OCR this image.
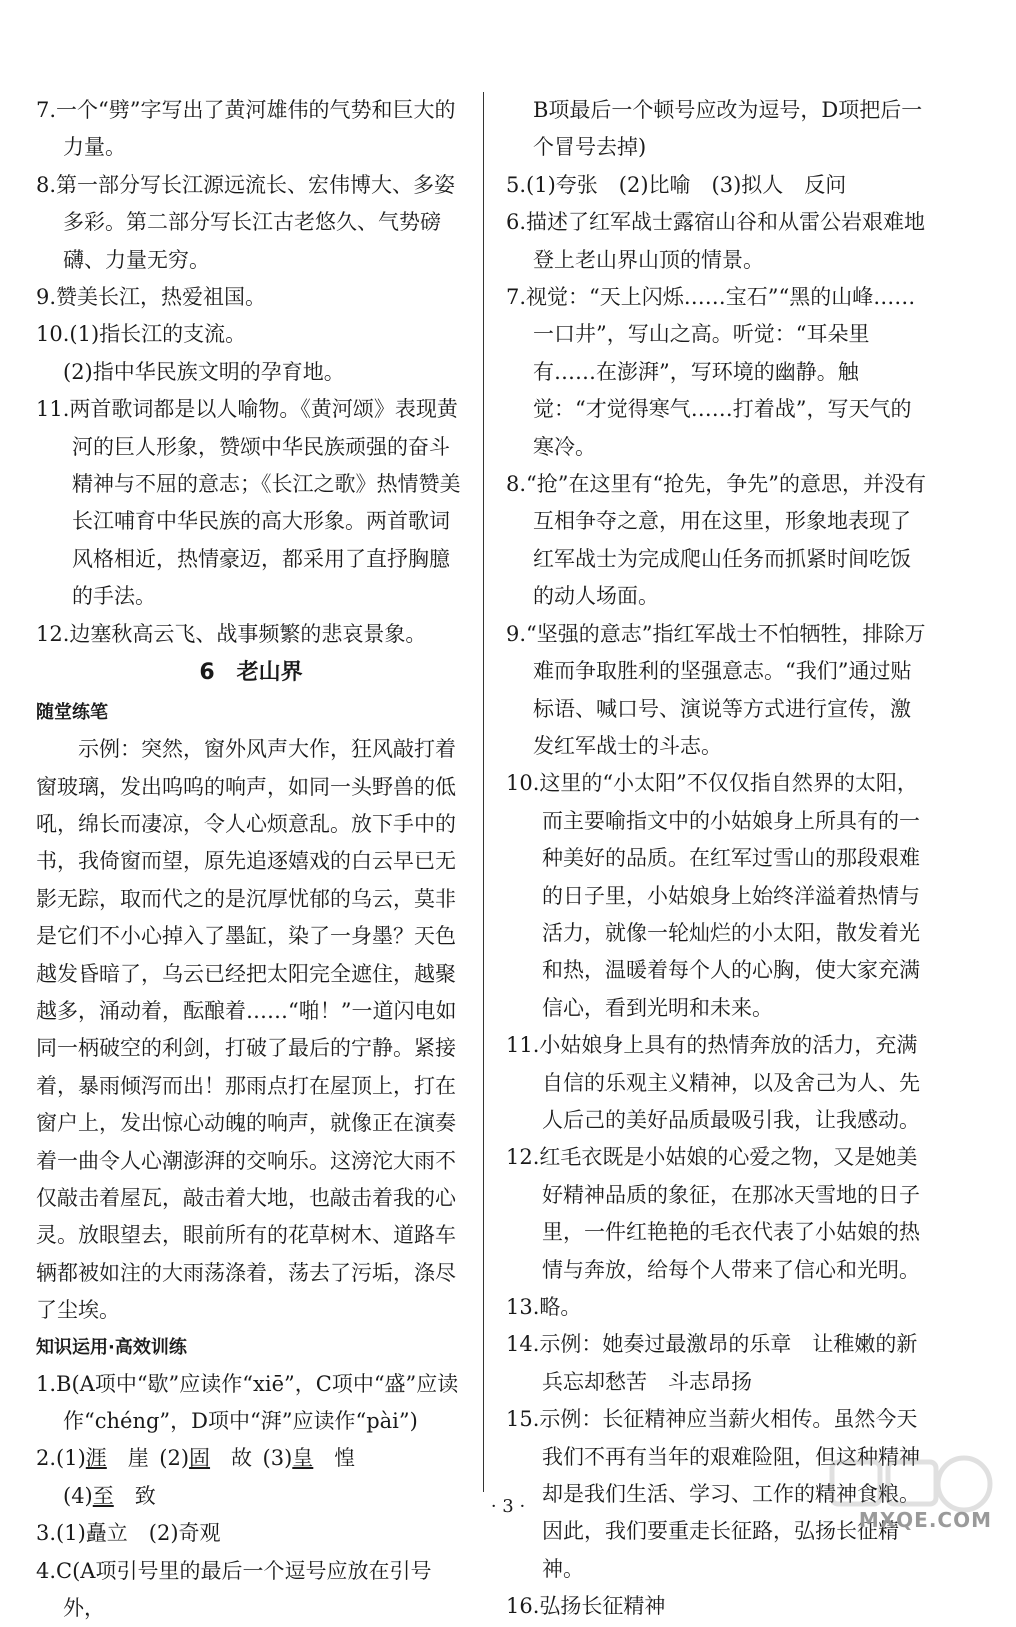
7.一个“劈”字写出了黄河雄伟的气势和巨大的力量。

8.第一部分写长江源远流长、宏伟博大、多姿多彩。第二部分写长江古老悠久、气势磅礴、力量无穷。

9.赞美长江，热爱祖国。

10.(1)指长江的支流。

(2)指中华民族文明的孕育地。

11.两首歌词都是以人喻物。《黄河颂》表现黄河的巨人形象，赞颂中华民族顽强的奋斗精神与不屈的意志；《长江之歌》热情赞美长江哺育中华民族的高大形象。两首歌词风格相近，热情豪迈，都采用了直抒胸臆的手法。

12.边塞秋高云飞、战事频繁的悲哀景象。

6　老山界

随堂练笔

示例：突然，窗外风声大作，狂风敲打着窗玻璃，发出呜呜的响声，如同一头野兽的低吼，绵长而凄凉，令人心烦意乱。放下手中的书，我倚窗而望，原先追逐嬉戏的白云早已无影无踪，取而代之的是沉厚忧郁的乌云，莫非是它们不小心掉入了墨缸，染了一身墨？天色越发昏暗了，乌云已经把太阳完全遮住，越聚越多，涌动着，酝酿着……“啪！”一道闪电如同一柄破空的利剑，打破了最后的宁静。紧接着，暴雨倾泻而出！那雨点打在屋顶上，打在窗户上，发出惊心动魄的响声，就像正在演奏着一曲令人心潮澎湃的交响乐。这滂沱大雨不仅敲击着屋瓦，敲击着大地，也敲击着我的心灵。放眼望去，眼前所有的花草树木、道路车辆都被如注的大雨荡涤着，荡去了污垢，涤尽了尘埃。

知识运用·高效训练

1.B(A项中“歇”应读作“xiē”，C项中“盛”应读作“chéng”，D项中“湃”应读作“pài”)

2.(1)涯  崖  (2)固  故  (3)皇  惶

(4)至  致

3.(1)矗立　(2)奇观

4.C(A项引号里的最后一个逗号应放在引号外，

B项最后一个顿号应改为逗号，D项把后一个冒号去掉)

5.(1)夸张　(2)比喻　(3)拟人　反问

6.描述了红军战士露宿山谷和从雷公岩艰难地登上老山界山顶的情景。

7.视觉：“天上闪烁……宝石”“黑的山峰……一口井”，写山之高。听觉：“耳朵里有……在澎湃”，写环境的幽静。触觉：“才觉得寒气……打着战”，写天气的寒冷。

8.“抢”在这里有“抢先，争先”的意思，并没有互相争夺之意，用在这里，形象地表现了红军战士为完成爬山任务而抓紧时间吃饭的动人场面。

9.“坚强的意志”指红军战士不怕牺牲，排除万难而争取胜利的坚强意志。“我们”通过贴标语、喊口号、演说等方式进行宣传，激发红军战士的斗志。

10.这里的“小太阳”不仅仅指自然界的太阳，而主要喻指文中的小姑娘身上所具有的一种美好的品质。在红军过雪山的那段艰难的日子里，小姑娘身上始终洋溢着热情与活力，就像一轮灿烂的小太阳，散发着光和热，温暖着每个人的心胸，使大家充满信心，看到光明和未来。

11.小姑娘身上具有的热情奔放的活力，充满自信的乐观主义精神，以及舍己为人、先人后己的美好品质最吸引我，让我感动。

12.红毛衣既是小姑娘的心爱之物，又是她美好精神品质的象征，在那冰天雪地的日子里，一件红艳艳的毛衣代表了小姑娘的热情与奔放，给每个人带来了信心和光明。

13.略。

14.示例：她奏过最激昂的乐章　让稚嫩的新兵忘却愁苦　斗志昂扬

15.示例：长征精神应当薪火相传。虽然今天我们不再有当年的艰难险阻，但这种精神却是我们生活、学习、工作的精神食粮。因此，我们要重走长征路，弘扬长征精神。

16.弘扬长征精神

· 3 ·
MXQE.COM
